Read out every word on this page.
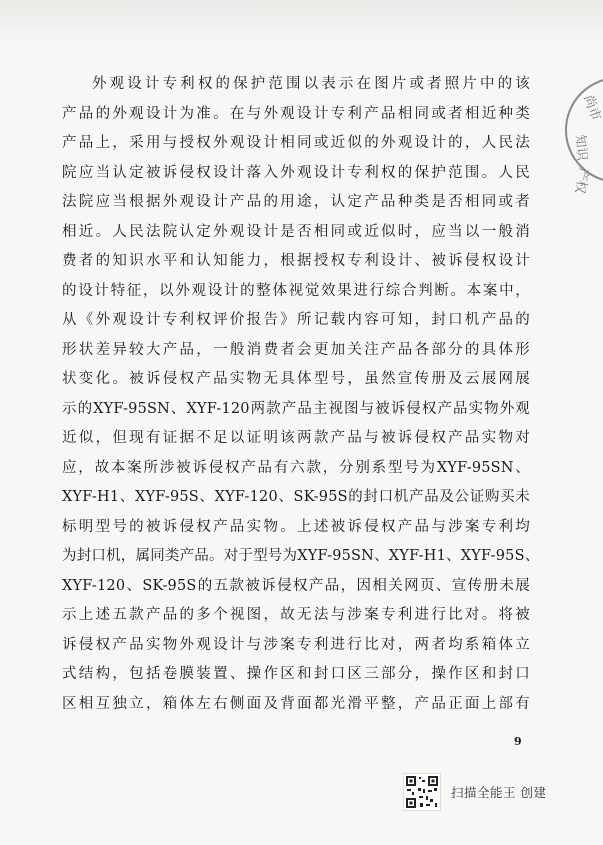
尚市
知识
产权
外观设计专利权的保护范围以表示在图片或者照片中的该
产品的外观设计为准。在与外观设计专利产品相同或者相近种类
产品上，采用与授权外观设计相同或近似的外观设计的，人民法
院应当认定被诉侵权设计落入外观设计专利权的保护范围。人民
法院应当根据外观设计产品的用途，认定产品种类是否相同或者
相近。人民法院认定外观设计是否相同或近似时，应当以一般消
费者的知识水平和认知能力，根据授权专利设计、被诉侵权设计
的设计特征，以外观设计的整体视觉效果进行综合判断。本案中，
从《外观设计专利权评价报告》所记载内容可知，封口机产品的
形状差异较大产品，一般消费者会更加关注产品各部分的具体形
状变化。被诉侵权产品实物无具体型号，虽然宣传册及云展网展
示的XYF-95SN、XYF-120两款产品主视图与被诉侵权产品实物外观
近似，但现有证据不足以证明该两款产品与被诉侵权产品实物对
应，故本案所涉被诉侵权产品有六款，分别系型号为XYF-95SN、
XYF-H1、XYF-95S、XYF-120、SK-95S的封口机产品及公证购买未
标明型号的被诉侵权产品实物。上述被诉侵权产品与涉案专利均
为封口机，属同类产品。对于型号为XYF-95SN、XYF-H1、XYF-95S、
XYF-120、SK-95S的五款被诉侵权产品，因相关网页、宣传册未展
示上述五款产品的多个视图，故无法与涉案专利进行比对。将被
诉侵权产品实物外观设计与涉案专利进行比对，两者均系箱体立
式结构，包括卷膜装置、操作区和封口区三部分，操作区和封口
区相互独立，箱体左右侧面及背面都光滑平整，产品正面上部有
9
扫描全能王 创建
